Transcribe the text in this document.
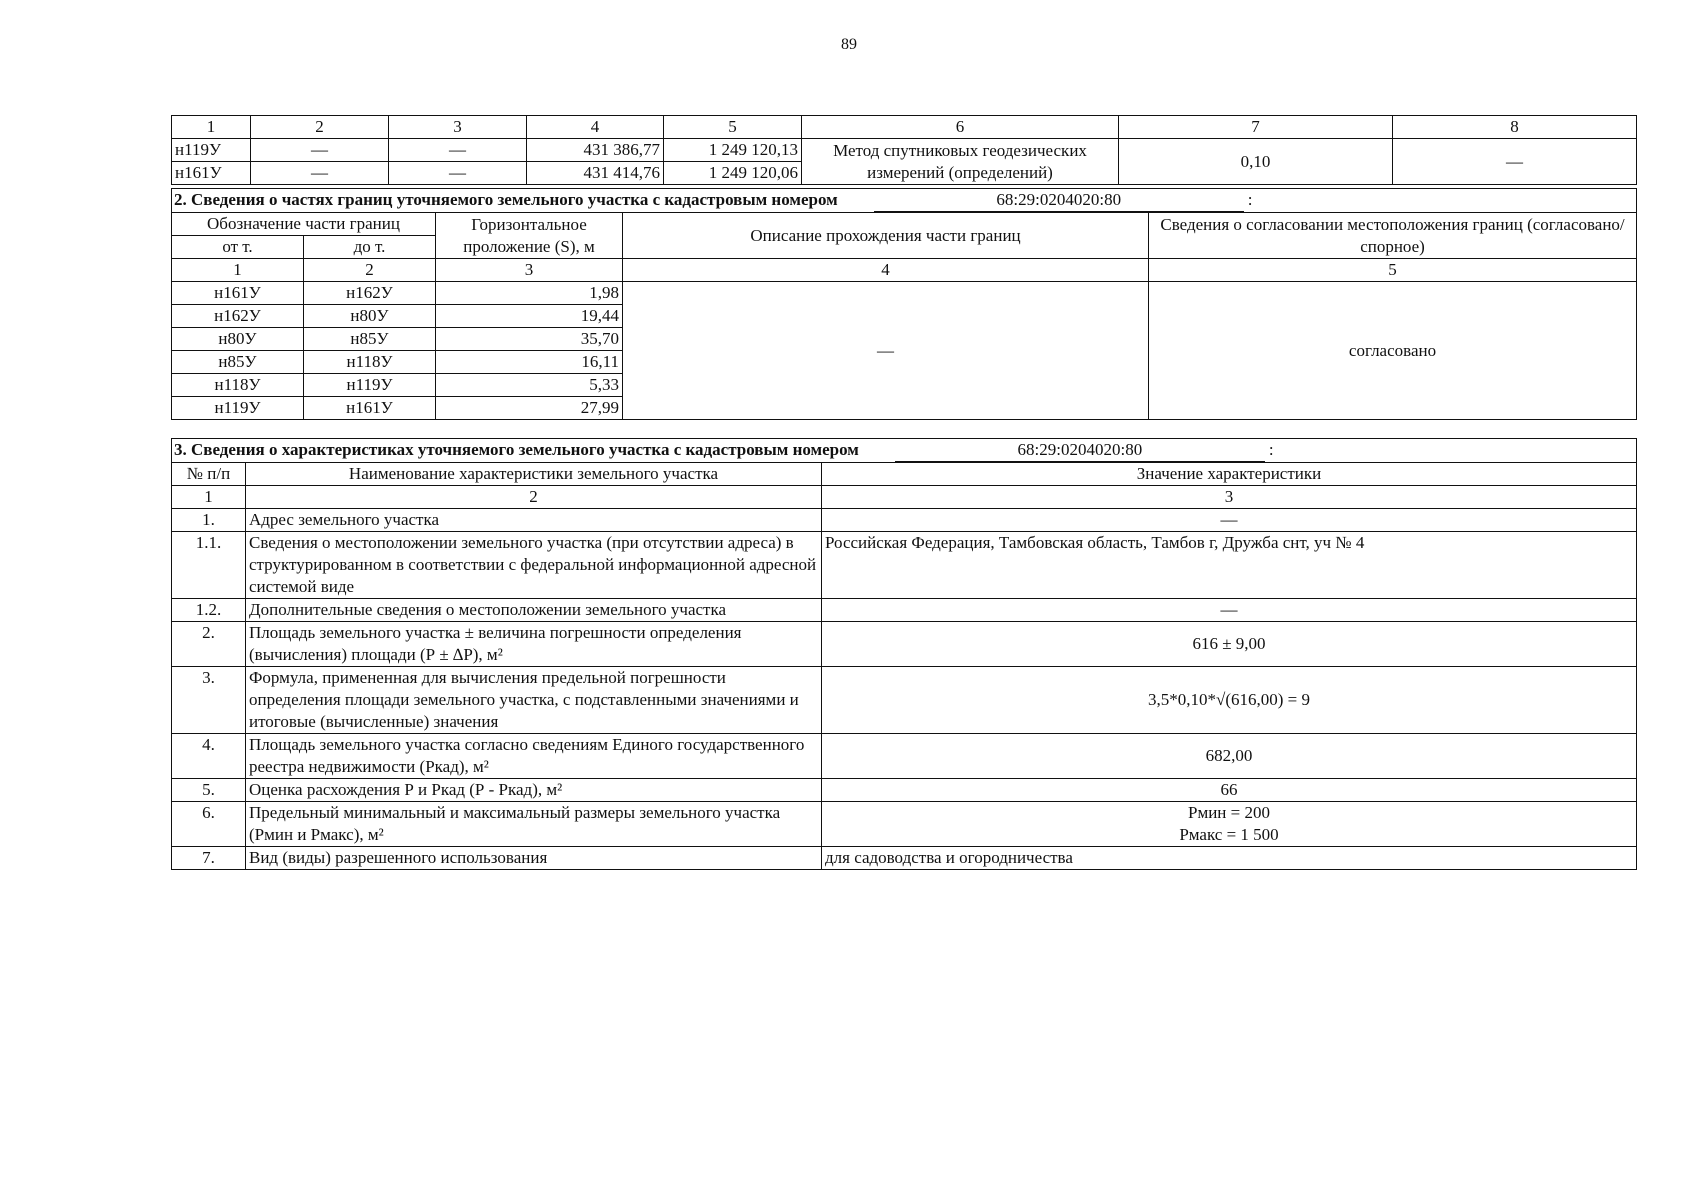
89
1	2	3	4	5	6	7	8
н119У	—	—	431 386,77	1 249 120,13	Метод спутниковых геодезических измерений (определений)	0,10	—
н161У	—	—	431 414,76	1 249 120,06			
2. Сведения о частях границ уточняемого земельного участка с кадастровым номером 68:29:0204020:80 :				
Обозначение части границ		Горизонтальное проложение (S), м	Описание прохождения части границ	Сведения о согласовании местоположения границ (согласовано/спорное)
от т.	до т.			
1	2	3	4	5
н161У	н162У	1,98	—	согласовано
н162У	н80У	19,44		
н80У	н85У	35,70		
н85У	н118У	16,11		
н118У	н119У	5,33		
н119У	н161У	27,99		
3. Сведения о характеристиках уточняемого земельного участка с кадастровым номером 68:29:0204020:80 :		
№ п/п	Наименование характеристики земельного участка	Значение характеристики
1	2	3
1.	Адрес земельного участка	—
1.1.	Сведения о местоположении земельного участка (при отсутствии адреса) в структурированном в соответствии с федеральной информационной адресной системой виде	Российская Федерация, Тамбовская область, Тамбов г, Дружба снт, уч № 4
1.2.	Дополнительные сведения о местоположении земельного участка	—
2.	Площадь земельного участка ± величина погрешности определения (вычисления) площади (Р ± ∆Р), м²	616 ± 9,00
3.	Формула, примененная для вычисления предельной погрешности определения площади земельного участка, с подставленными значениями и итоговые (вычисленные) значения	3,5*0,10*√(616,00) = 9
4.	Площадь земельного участка согласно сведениям Единого государственного реестра недвижимости (Ркад), м²	682,00
5.	Оценка расхождения Р и Ркад (Р - Ркад), м²	66
6.	Предельный минимальный и максимальный размеры земельного участка (Рмин и Рмакс), м²	Рмин = 200
Рмакс = 1 500

7.	Вид (виды) разрешенного использования	для садоводства и огородничества
